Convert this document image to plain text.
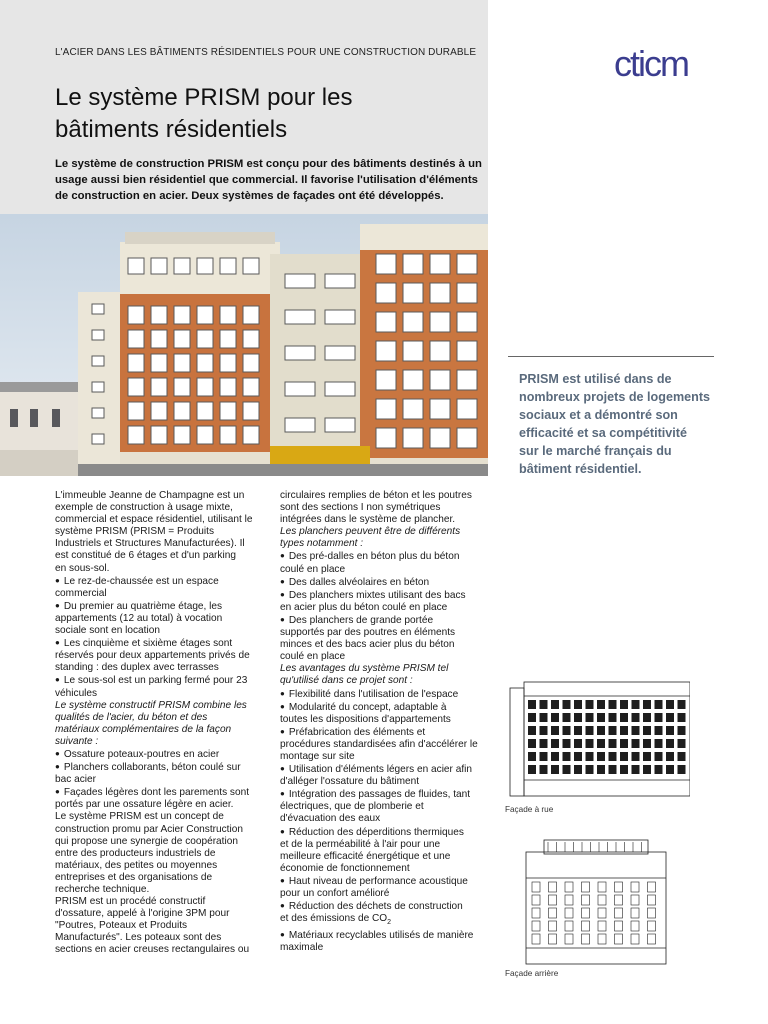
L'ACIER DANS LES BÂTIMENTS RÉSIDENTIELS POUR UNE CONSTRUCTION DURABLE
Le système PRISM pour les
bâtiments résidentiels
Le système de construction PRISM est conçu pour des bâtiments destinés à un
usage aussi bien résidentiel que commercial. Il favorise l'utilisation d'éléments
de construction en acier. Deux systèmes de façades ont été développés.
cticm
PRISM est utilisé dans de
nombreux projets de logements
sociaux et a démontré son
efficacité et sa compétitivité
sur le marché français du
bâtiment résidentiel.
L'immeuble Jeanne de Champagne est un
exemple de construction à usage mixte,
commercial et espace résidentiel, utilisant le
système PRISM (PRISM = Produits
Industriels et Structures Manufacturées). Il
est constitué de 6 étages et d'un parking
en sous-sol.
● Le rez-de-chaussée est un espace
commercial
● Du premier au quatrième étage, les
appartements (12 au total) à vocation
sociale sont en location
● Les cinquième et sixième étages sont
réservés pour deux appartements privés de
standing : des duplex avec terrasses
● Le sous-sol est un parking fermé pour 23
véhicules
Le système constructif PRISM combine les
qualités de l'acier, du béton et des
matériaux complémentaires de la façon
suivante :
● Ossature poteaux-poutres en acier
● Planchers collaborants, béton coulé sur
bac acier
● Façades légères dont les parements sont
portés par une ossature légère en acier.
Le système PRISM est un concept de
construction promu par Acier Construction
qui propose une synergie de coopération
entre des producteurs industriels de
matériaux, des petites ou moyennes
entreprises et des organisations de
recherche technique.
PRISM est un procédé constructif
d'ossature, appelé à l'origine 3PM pour
"Poutres, Poteaux et Produits
Manufacturés". Les poteaux sont des
sections en acier creuses rectangulaires ou
circulaires remplies de béton et les poutres
sont des sections I non symétriques
intégrées dans le système de plancher.
Les planchers peuvent être de différents
types notamment :
● Des pré-dalles en béton plus du béton
coulé en place
● Des dalles alvéolaires en béton
● Des planchers mixtes utilisant des bacs
en acier plus du béton coulé en place
● Des planchers de grande portée
supportés par des poutres en éléments
minces et des bacs acier plus du béton
coulé en place
Les avantages du système PRISM tel
qu'utilisé dans ce projet sont :
● Flexibilité dans l'utilisation de l'espace
● Modularité du concept, adaptable à
toutes les dispositions d'appartements
● Préfabrication des éléments et
procédures standardisées afin d'accélérer le
montage sur site
● Utilisation d'éléments légers en acier afin
d'alléger l'ossature du bâtiment
● Intégration des passages de fluides, tant
électriques, que de plomberie et
d'évacuation des eaux
● Réduction des déperditions thermiques
et de la perméabilité à l'air pour une
meilleure efficacité énergétique et une
économie de fonctionnement
● Haut niveau de performance acoustique
pour un confort amélioré
● Réduction des déchets de construction
et des émissions de $CO_2$
● Matériaux recyclables utilisés de manière
maximale
Façade à rue
Façade arrière
